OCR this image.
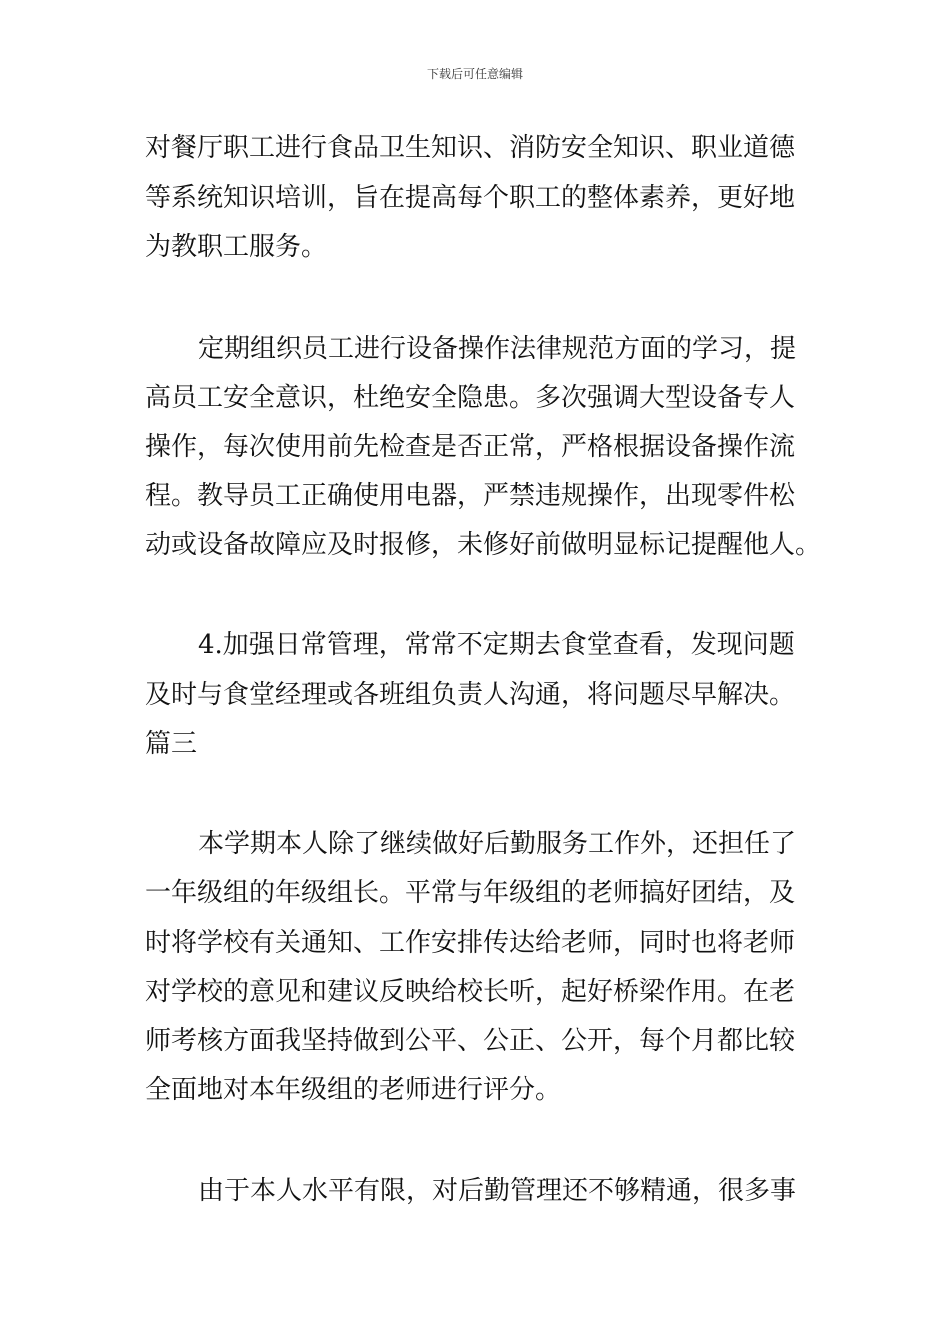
下载后可任意编辑
对餐厅职工进行食品卫生知识、消防安全知识、职业道德
等系统知识培训，旨在提高每个职工的整体素养，更好地
为教职工服务。
定期组织员工进行设备操作法律规范方面的学习，提
高员工安全意识，杜绝安全隐患。多次强调大型设备专人
操作，每次使用前先检查是否正常，严格根据设备操作流
程。教导员工正确使用电器，严禁违规操作，出现零件松
动或设备故障应及时报修，未修好前做明显标记提醒他人。
4.加强日常管理，常常不定期去食堂查看，发现问题
及时与食堂经理或各班组负责人沟通，将问题尽早解决。
篇三
本学期本人除了继续做好后勤服务工作外，还担任了
一年级组的年级组长。平常与年级组的老师搞好团结，及
时将学校有关通知、工作安排传达给老师，同时也将老师
对学校的意见和建议反映给校长听，起好桥梁作用。在老
师考核方面我坚持做到公平、公正、公开，每个月都比较
全面地对本年级组的老师进行评分。
由于本人水平有限，对后勤管理还不够精通，很多事
